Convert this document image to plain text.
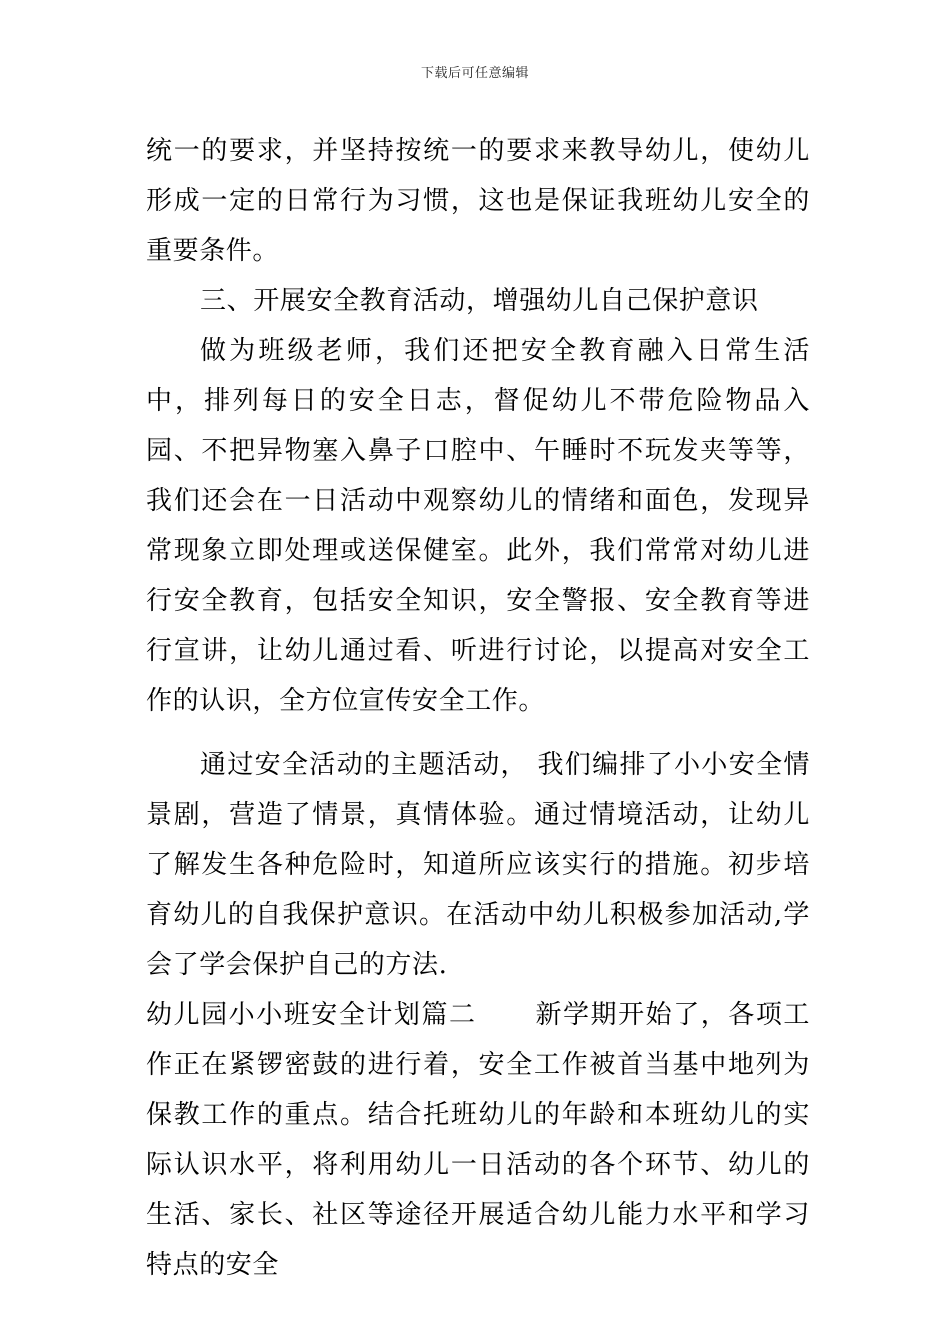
下载后可任意编辑

统一的要求，并坚持按统一的要求来教导幼儿，使幼儿形成一定的日常行为习惯，这也是保证我班幼儿安全的重要条件。

三、开展安全教育活动，增强幼儿自己保护意识

做为班级老师，我们还把安全教育融入日常生活中，排列每日的安全日志，督促幼儿不带危险物品入园、不把异物塞入鼻子口腔中、午睡时不玩发夹等等，我们还会在一日活动中观察幼儿的情绪和面色，发现异常现象立即处理或送保健室。此外，我们常常对幼儿进行安全教育，包括安全知识，安全警报、安全教育等进行宣讲，让幼儿通过看、听进行讨论，以提高对安全工作的认识，全方位宣传安全工作。

通过安全活动的主题活动， 我们编排了小小安全情景剧，营造了情景，真情体验。通过情境活动，让幼儿了解发生各种危险时，知道所应该实行的措施。初步培育幼儿的自我保护意识。在活动中幼儿积极参加活动,学会了学会保护自己的方法.

幼儿园小小班安全计划篇二      新学期开始了，各项工作正在紧锣密鼓的进行着，安全工作被首当基中地列为保教工作的重点。结合托班幼儿的年龄和本班幼儿的实际认识水平，将利用幼儿一日活动的各个环节、幼儿的生活、家长、社区等途径开展适合幼儿能力水平和学习特点的安全
